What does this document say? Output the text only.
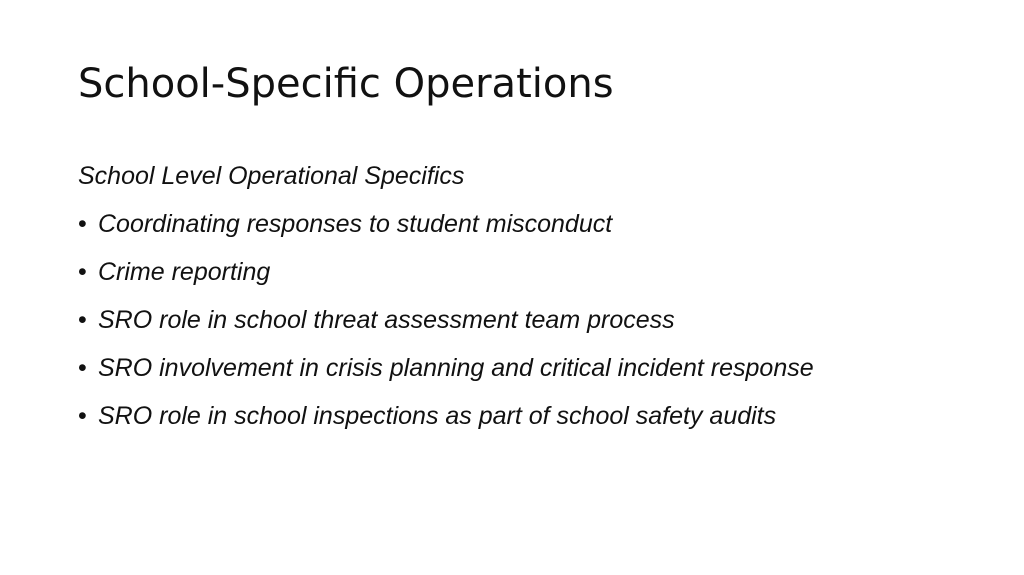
School-Specific Operations

School Level Operational Specifics

• Coordinating responses to student misconduct
• Crime reporting
• SRO role in school threat assessment team process
• SRO involvement in crisis planning and critical incident response
• SRO role in school inspections as part of school safety audits
